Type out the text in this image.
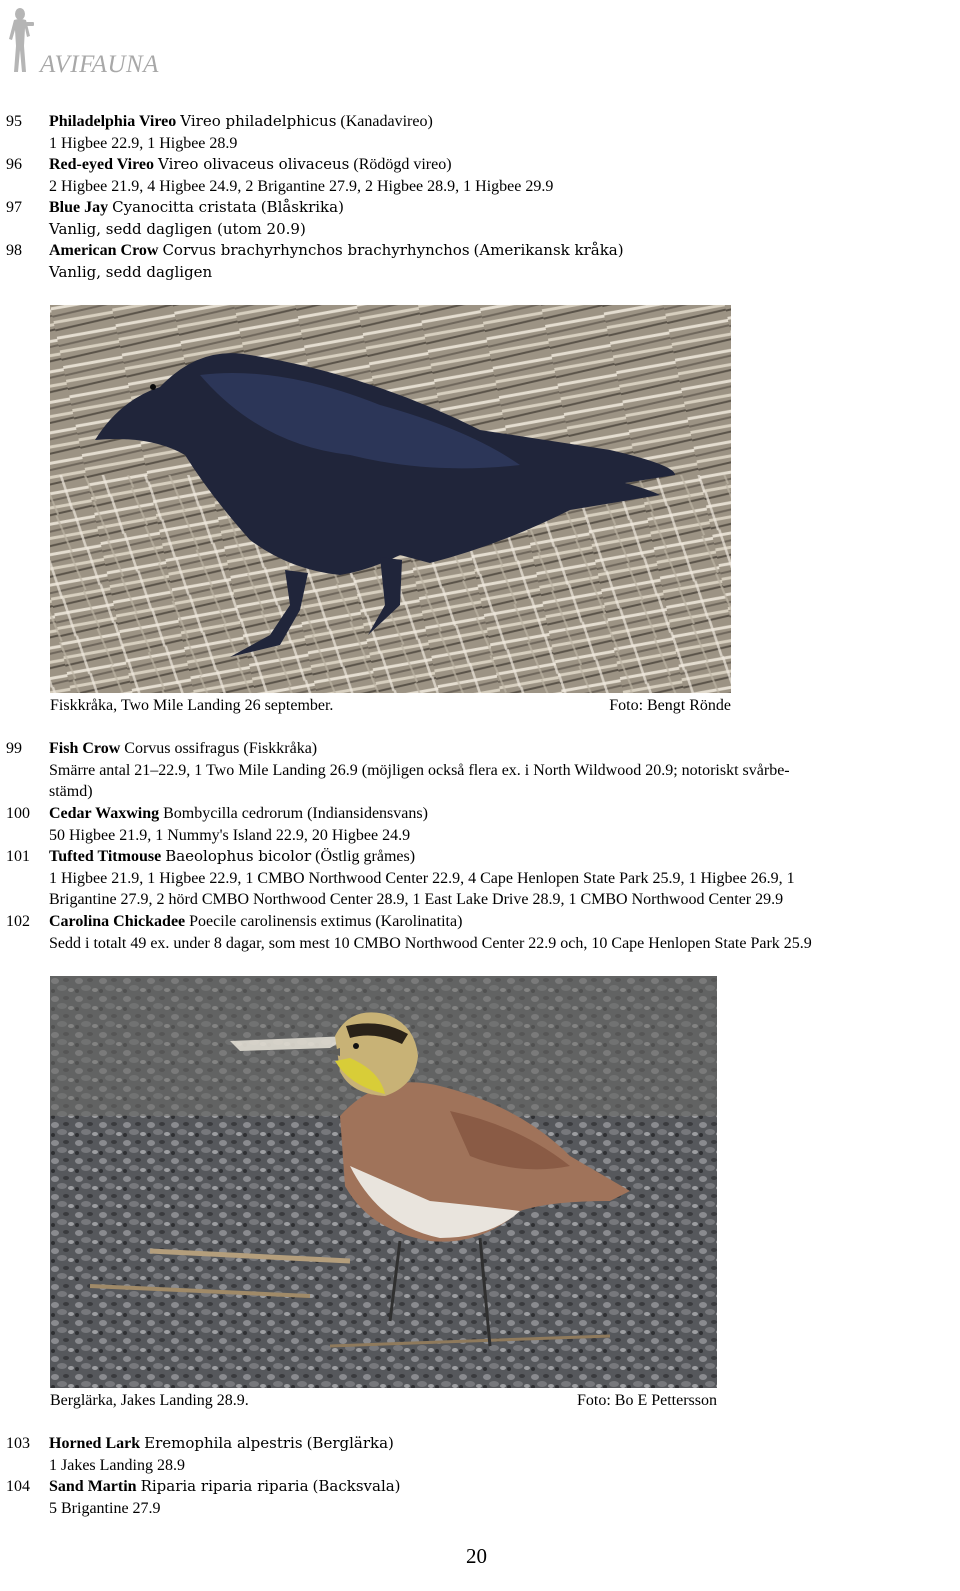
AVIFAUNA
95 Philadelphia Vireo Vireo philadelphicus (Kanadavireo)
1 Higbee 22.9, 1 Higbee 28.9
96 Red-eyed Vireo Vireo olivaceus olivaceus (Rödögd vireo)
2 Higbee 21.9, 4 Higbee 24.9, 2 Brigantine 27.9, 2 Higbee 28.9, 1 Higbee 29.9
97 Blue Jay Cyanocitta cristata (Blåskrika)
Vanlig, sedd dagligen (utom 20.9)
98 American Crow Corvus brachyrhynchos brachyrhynchos (Amerikansk kråka)
Vanlig, sedd dagligen
Fiskkråka, Two Mile Landing 26 september.	Foto: Bengt Rönde
99 Fish Crow Corvus ossifragus (Fiskkråka)
Smärre antal 21–22.9, 1 Two Mile Landing 26.9 (möjligen också flera ex. i North Wildwood 20.9; notoriskt svårbe-
stämd)
100 Cedar Waxwing Bombycilla cedrorum (Indiansidensvans)
50 Higbee 21.9, 1 Nummy's Island 22.9, 20 Higbee 24.9
101 Tufted Titmouse Baeolophus bicolor (Östlig gråmes)
1 Higbee 21.9, 1 Higbee 22.9, 1 CMBO Northwood Center 22.9, 4 Cape Henlopen State Park 25.9, 1 Higbee 26.9, 1
Brigantine 27.9, 2 hörd CMBO Northwood Center 28.9, 1 East Lake Drive 28.9, 1 CMBO Northwood Center 29.9
102 Carolina Chickadee Poecile carolinensis extimus (Karolinatita)
Sedd i totalt 49 ex. under 8 dagar, som mest 10 CMBO Northwood Center 22.9 och, 10 Cape Henlopen State Park 25.9
Berglärka, Jakes Landing 28.9.	Foto: Bo E Pettersson
103 Horned Lark Eremophila alpestris (Berglärka)
1 Jakes Landing 28.9
104 Sand Martin Riparia riparia riparia (Backsvala)
5 Brigantine 27.9
20
